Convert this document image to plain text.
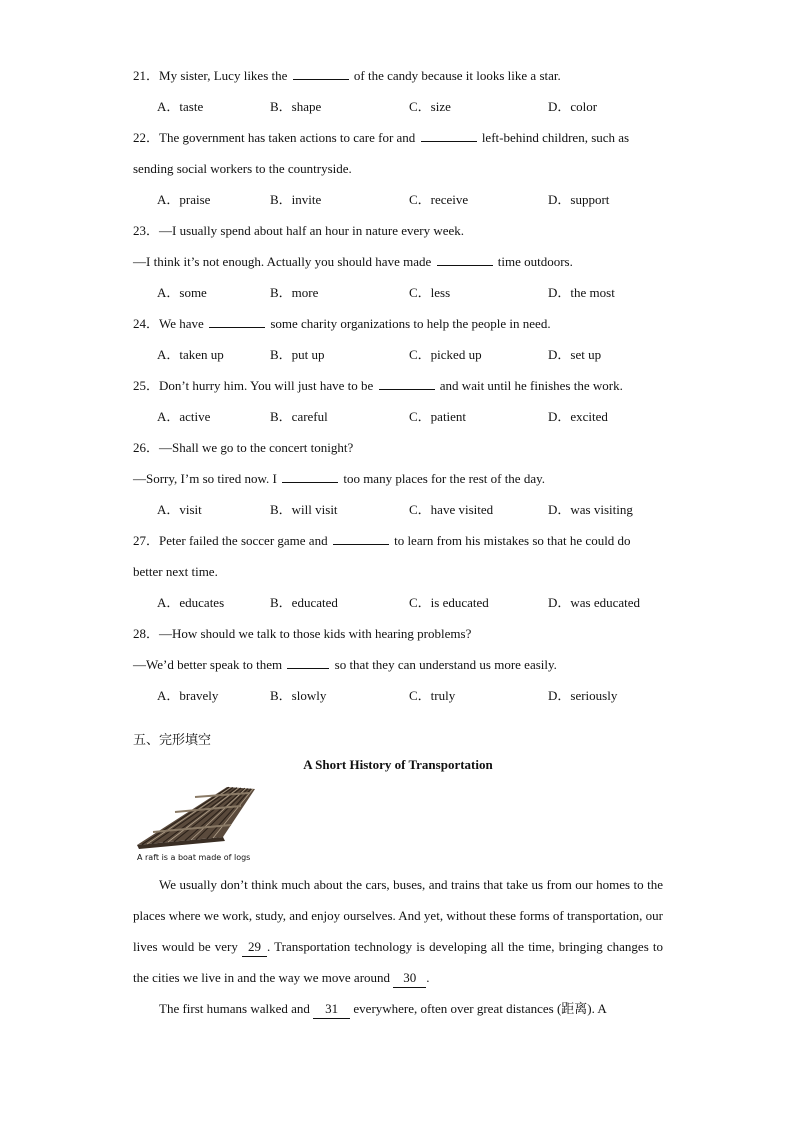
21．My sister, Lucy likes the	of the candy because it looks like a star.
A．taste	B．shape	C．size	D．color
22．The government has taken actions to care for and	left-behind children, such as
sending social workers to the countryside.
A．praise	B．invite	C．receive	D．support
23．—I usually spend about half an hour in nature every week.
—I think it’s not enough. Actually you should have made	time outdoors.
A．some	B．more	C．less	D．the most
24．We have	some charity organizations to help the people in need.
A．taken up	B．put up	C．picked up	D．set up
25．Don’t hurry him. You will just have to be	and wait until he finishes the work.
A．active	B．careful	C．patient	D．excited
26．—Shall we go to the concert tonight?
—Sorry, I’m so tired now. I	too many places for the rest of the day.
A．visit	B．will visit	C．have visited	D．was visiting
27．Peter failed the soccer game and	to learn from his mistakes so that he could do
better next time.
A．educates	B．educated	C．is educated	D．was educated
28．—How should we talk to those kids with hearing problems?
—We’d better speak to them	so that they can understand us more easily.
A．bravely	B．slowly	C．truly	D．seriously
五、完形填空
A Short History of Transportation
A raft is a boat made of logs

We usually don’t think much about the cars, buses, and trains that take us from our homes to the places where we work, study, and enjoy ourselves. And yet, without these forms of transportation, our lives would be very 29 . Transportation technology is developing all the time, bringing changes to the cities we live in and the way we move around 30 .

The first humans walked and 31 everywhere, often over great distances (距离). A
